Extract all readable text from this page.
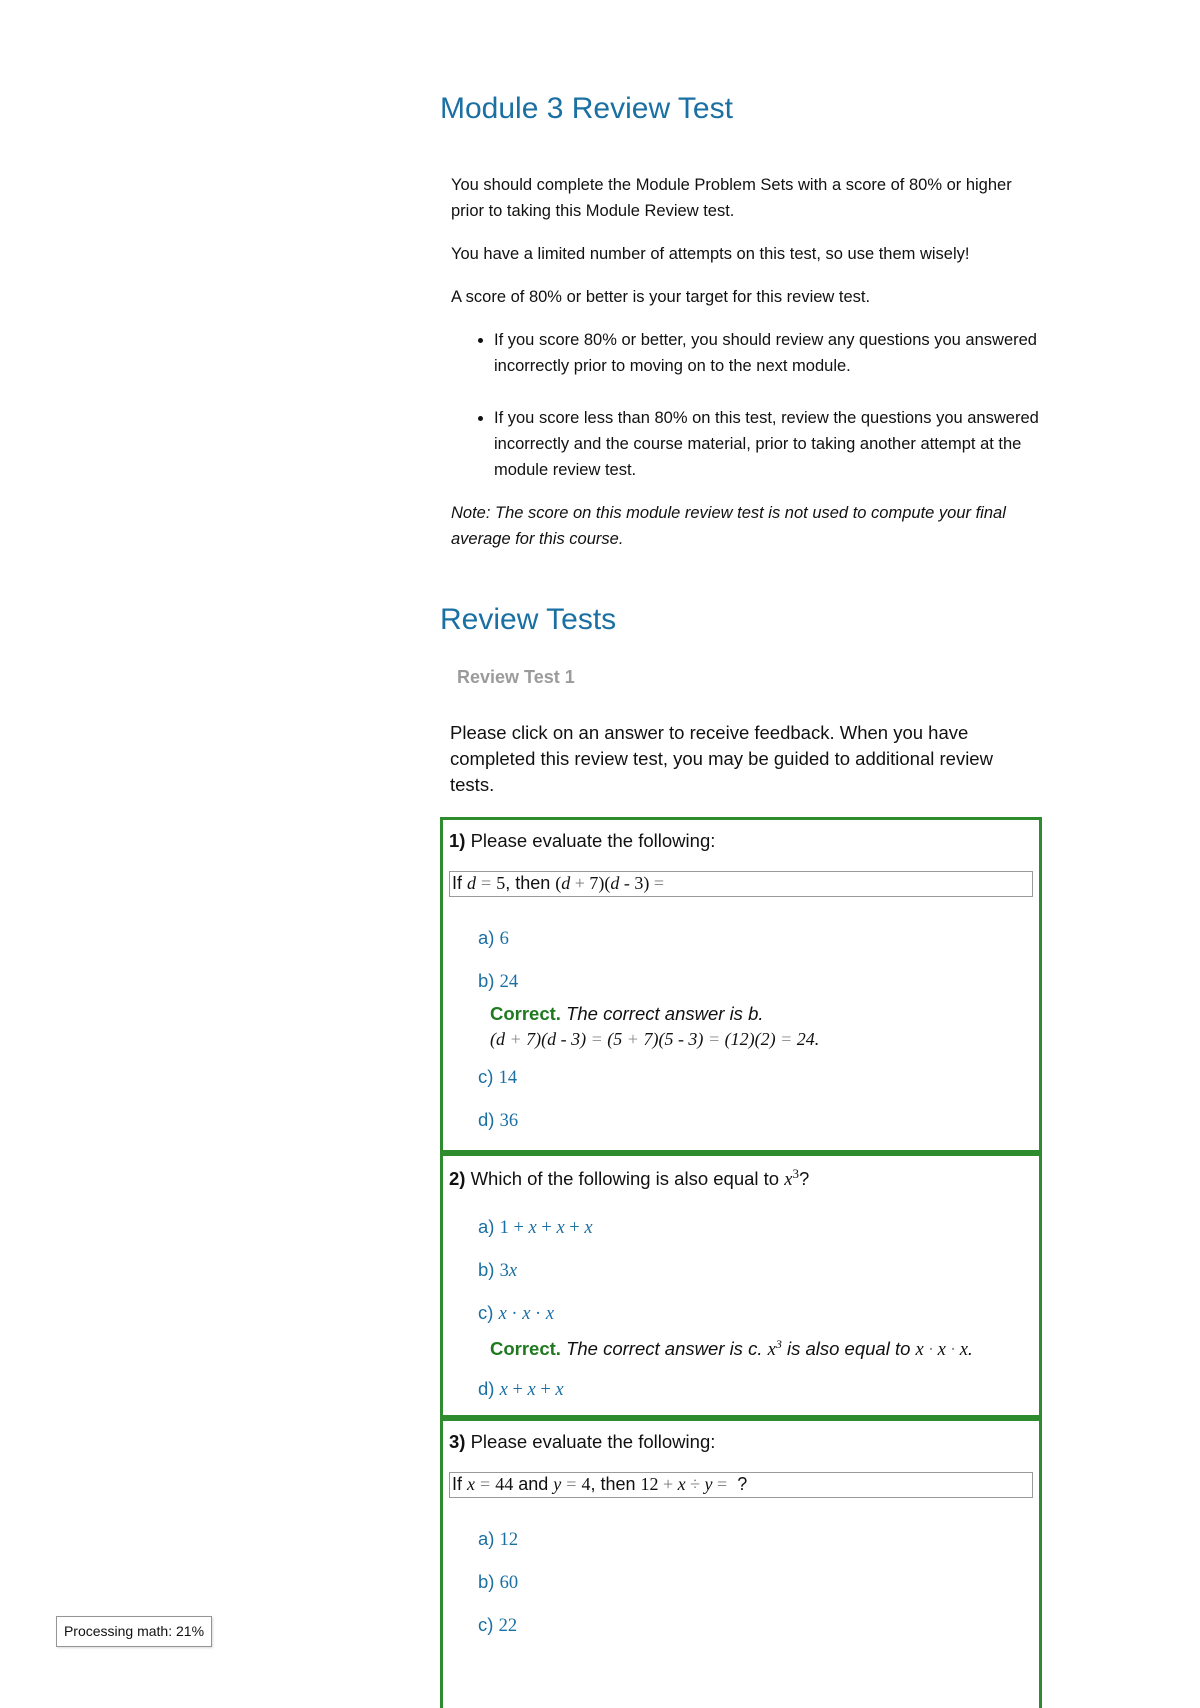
Module 3 Review Test

You should complete the Module Problem Sets with a score of 80% or higher prior to taking this Module Review test.

You have a limited number of attempts on this test, so use them wisely!

A score of 80% or better is your target for this review test.

• If you score 80% or better, you should review any questions you answered incorrectly prior to moving on to the next module.
• If you score less than 80% on this test, review the questions you answered incorrectly and the course material, prior to taking another attempt at the module review test.

Note: The score on this module review test is not used to compute your final average for this course.

Review Tests
Review Test 1
Please click on an answer to receive feedback. When you have completed this review test, you may be guided to additional review tests.
1) Please evaluate the following:
If d = 5, then (d + 7)(d - 3) =
a) 6
b) 24
Correct. The correct answer is b.
(d + 7)(d - 3) = (5 + 7)(5 - 3) = (12)(2) = 24.
c) 14
d) 36
2) Which of the following is also equal to $x^3$?
a) 1 + x + x + x
b) 3x
c) x · x · x
Correct. The correct answer is c. $x^3$ is also equal to x · x · x.
d) x + x + x
3) Please evaluate the following:
If x = 44 and y = 4, then 12 + x ÷ y =  ?
a) 12
b) 60
c) 22
Processing math: 21%
